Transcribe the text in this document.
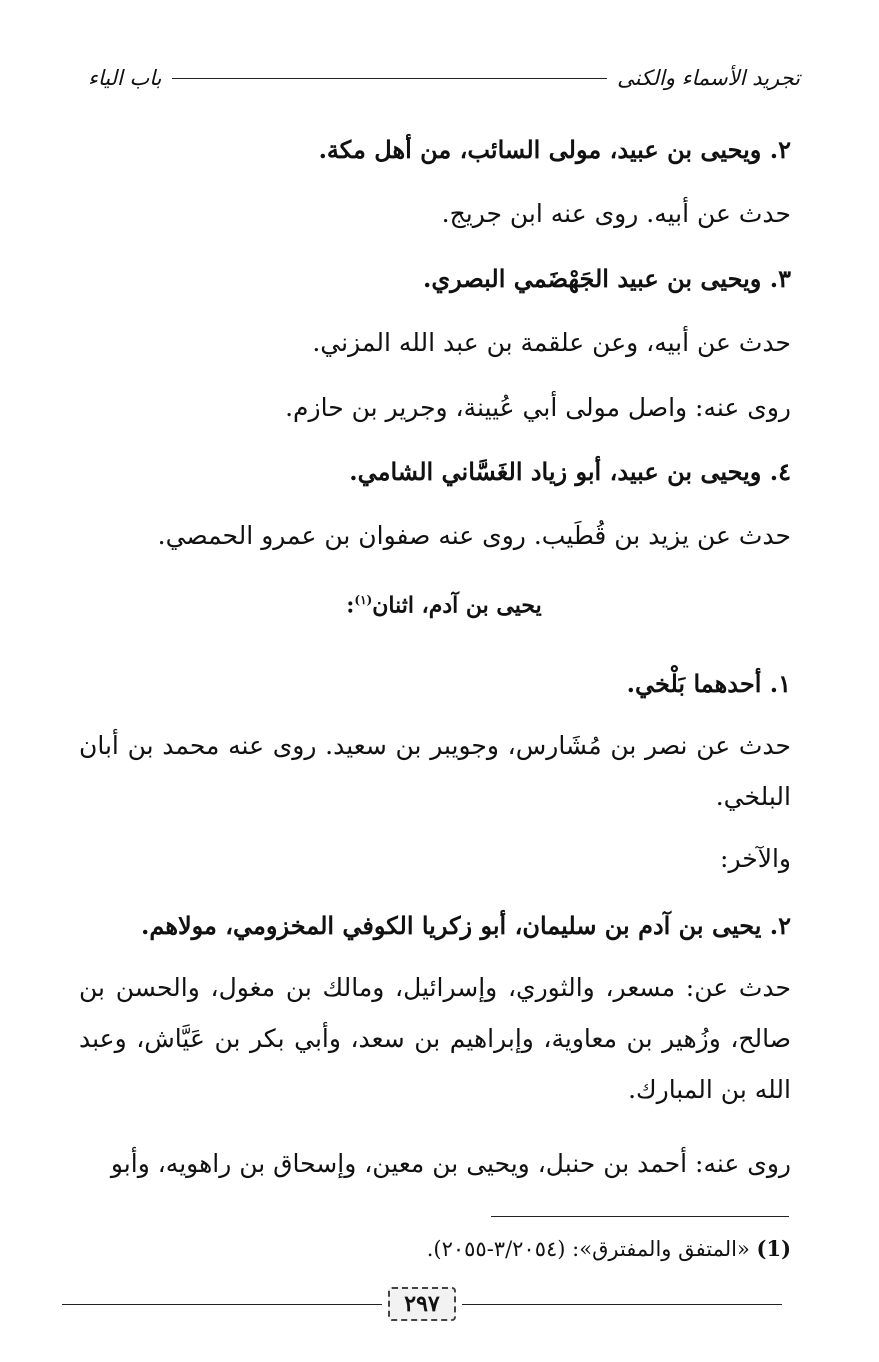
تجريد الأسماء والكنى
باب الياء
٢. ويحيى بن عبيد، مولى السائب، من أهل مكة.
حدث عن أبيه. روى عنه ابن جريج.
٣. ويحيى بن عبيد الجَهْضَمي البصري.
حدث عن أبيه، وعن علقمة بن عبد الله المزني.
روى عنه: واصل مولى أبي عُيينة، وجرير بن حازم.
٤. ويحيى بن عبيد، أبو زياد الغَسَّاني الشامي.
حدث عن يزيد بن قُطَيب. روى عنه صفوان بن عمرو الحمصي.
يحيى بن آدم، اثنان$^{(١)}$:
١. أحدهما بَلْخي.
حدث عن نصر بن مُشَارس، وجويبر بن سعيد. روى عنه محمد بن أبان البلخي.
والآخر:
٢. يحيى بن آدم بن سليمان، أبو زكريا الكوفي المخزومي، مولاهم.
حدث عن: مسعر، والثوري، وإسرائيل، ومالك بن مغول، والحسن بن صالح، وزُهير بن معاوية، وإبراهيم بن سعد، وأبي بكر بن عَيَّاش، وعبد الله بن المبارك.
روى عنه: أحمد بن حنبل، ويحيى بن معين، وإسحاق بن راهويه، وأبو
(1) «المتفق والمفترق»: (٣/٢٠٥٤-٢٠٥٥).
٢٩٧
